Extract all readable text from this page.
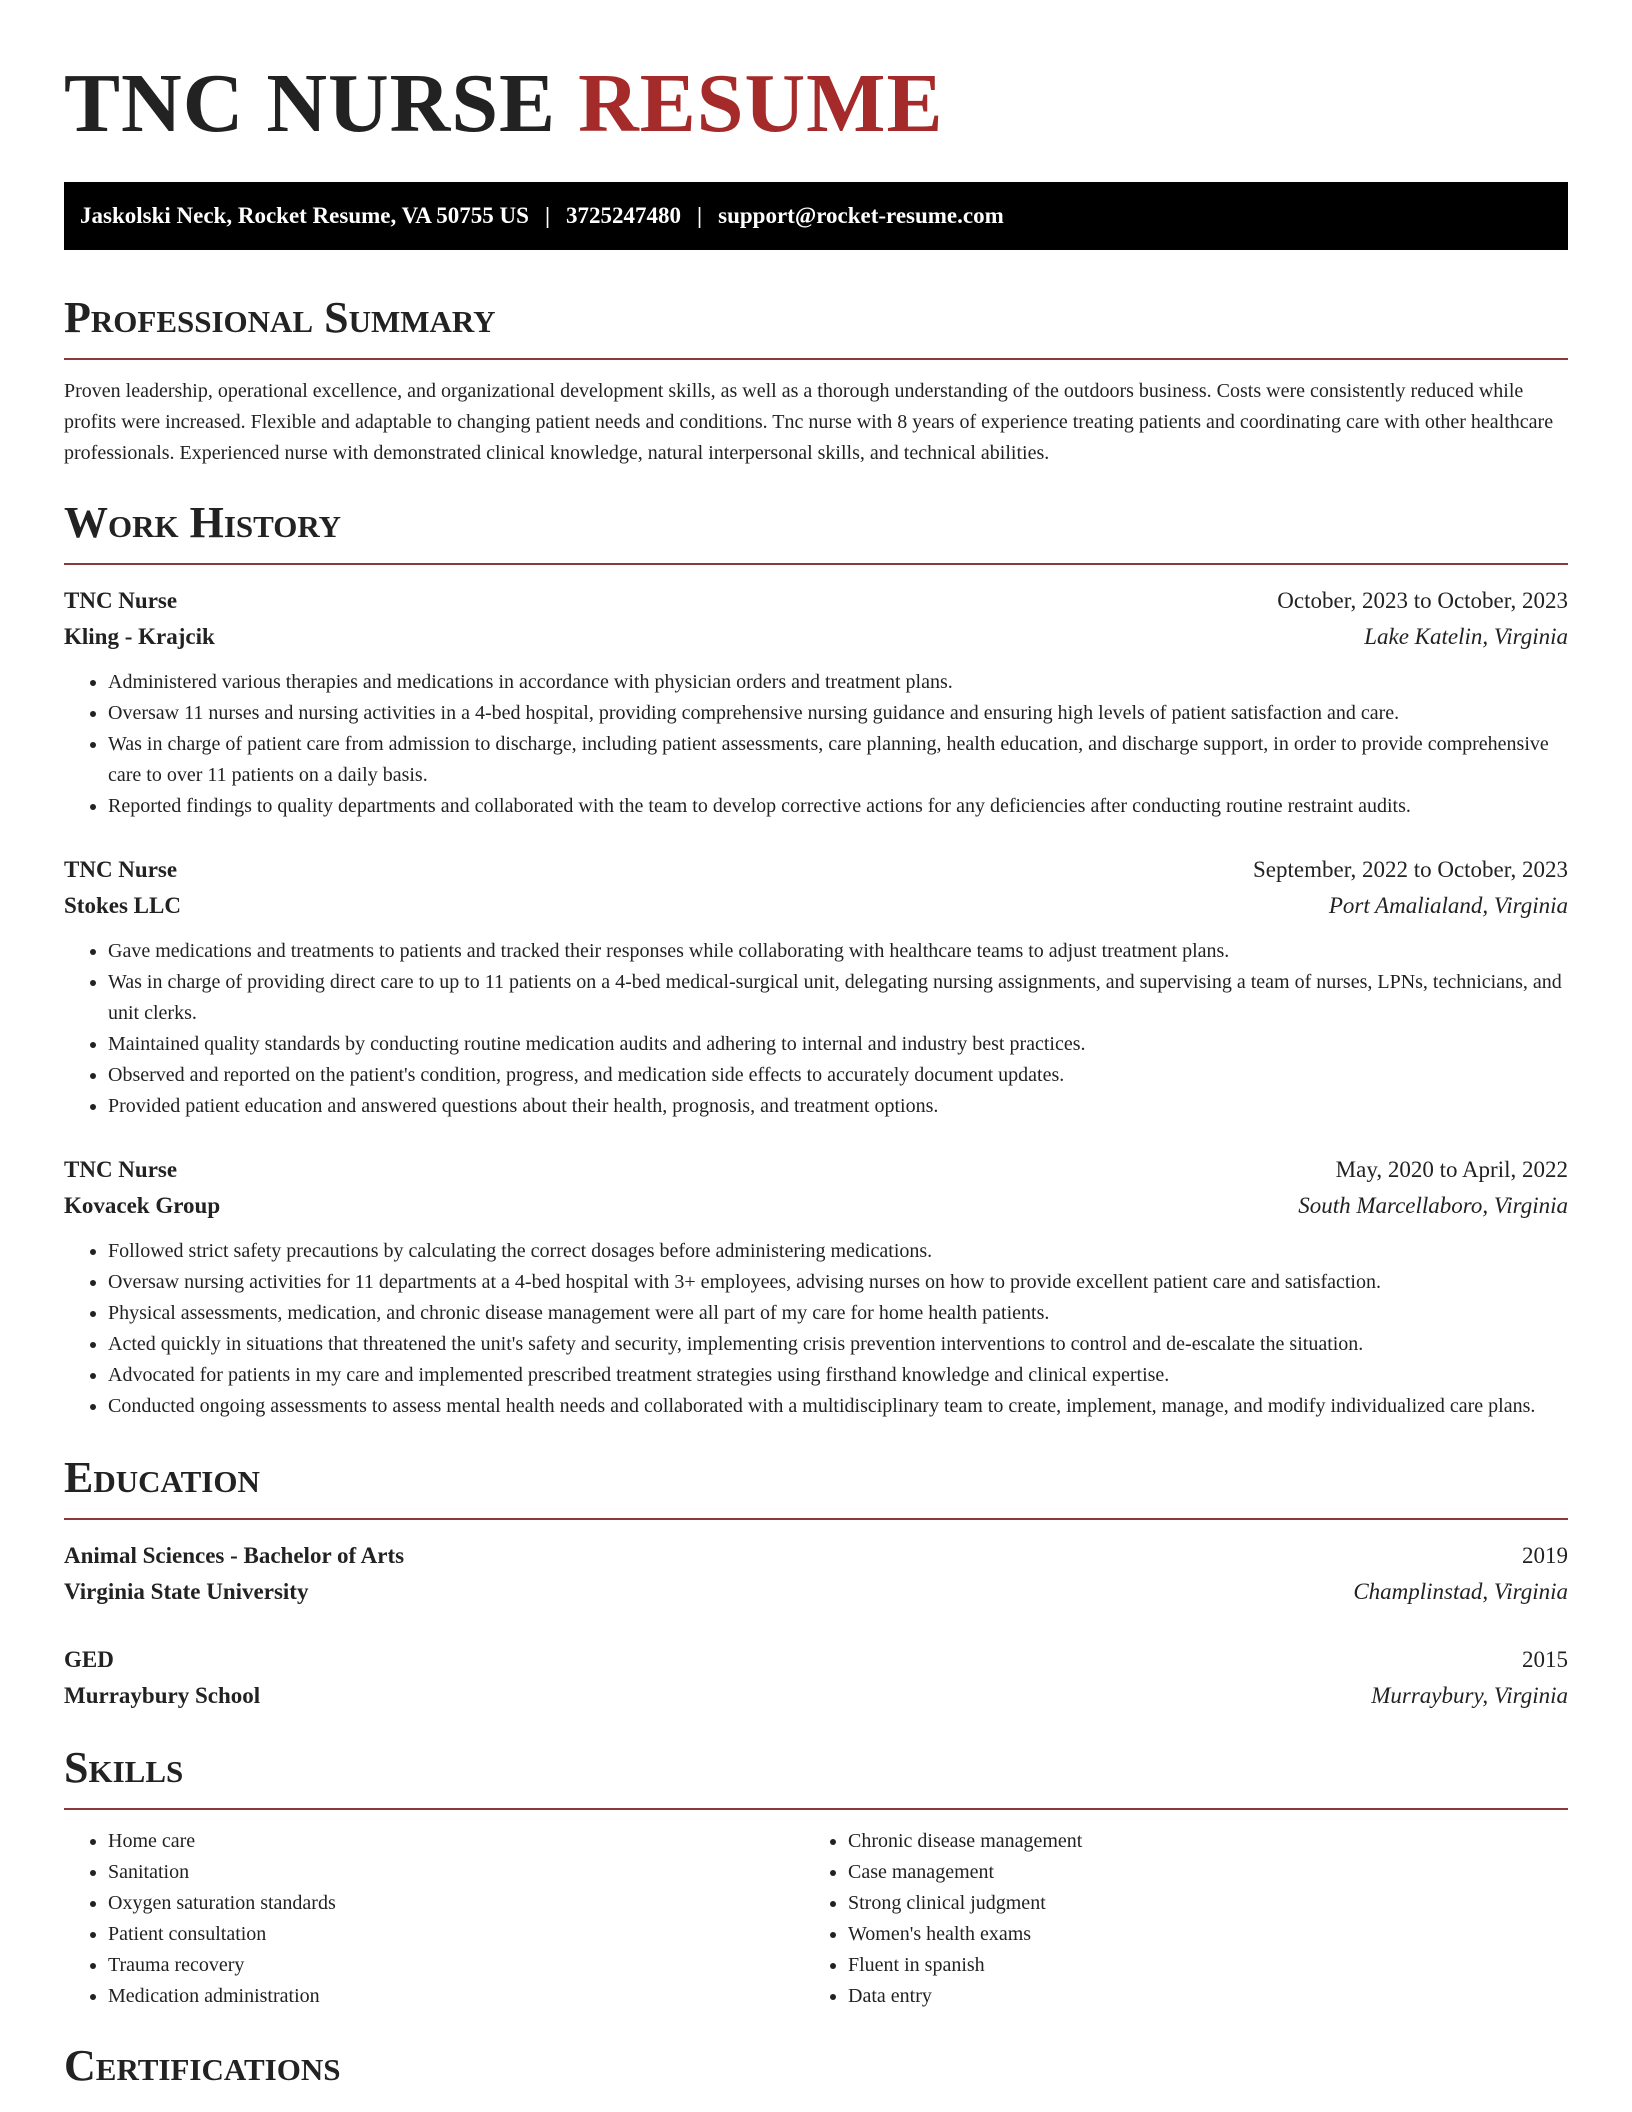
TNC NURSE RESUME
Jaskolski Neck, Rocket Resume, VA 50755 US | 3725247480 | support@rocket-resume.com
Professional Summary

Proven leadership, operational excellence, and organizational development skills, as well as a thorough understanding of the outdoors business. Costs were consistently reduced while profits were increased. Flexible and adaptable to changing patient needs and conditions. Tnc nurse with 8 years of experience treating patients and coordinating care with other healthcare professionals. Experienced nurse with demonstrated clinical knowledge, natural interpersonal skills, and technical abilities.

Work History
TNC Nurse	October, 2023 to October, 2023
Kling - Krajcik	Lake Katelin, Virginia
• Administered various therapies and medications in accordance with physician orders and treatment plans.
• Oversaw 11 nurses and nursing activities in a 4-bed hospital, providing comprehensive nursing guidance and ensuring high levels of patient satisfaction and care.
• Was in charge of patient care from admission to discharge, including patient assessments, care planning, health education, and discharge support, in order to provide comprehensive care to over 11 patients on a daily basis.
• Reported findings to quality departments and collaborated with the team to develop corrective actions for any deficiencies after conducting routine restraint audits.
TNC Nurse	September, 2022 to October, 2023
Stokes LLC	Port Amalialand, Virginia
• Gave medications and treatments to patients and tracked their responses while collaborating with healthcare teams to adjust treatment plans.
• Was in charge of providing direct care to up to 11 patients on a 4-bed medical-surgical unit, delegating nursing assignments, and supervising a team of nurses, LPNs, technicians, and unit clerks.
• Maintained quality standards by conducting routine medication audits and adhering to internal and industry best practices.
• Observed and reported on the patient's condition, progress, and medication side effects to accurately document updates.
• Provided patient education and answered questions about their health, prognosis, and treatment options.
TNC Nurse	May, 2020 to April, 2022
Kovacek Group	South Marcellaboro, Virginia
• Followed strict safety precautions by calculating the correct dosages before administering medications.
• Oversaw nursing activities for 11 departments at a 4-bed hospital with 3+ employees, advising nurses on how to provide excellent patient care and satisfaction.
• Physical assessments, medication, and chronic disease management were all part of my care for home health patients.
• Acted quickly in situations that threatened the unit's safety and security, implementing crisis prevention interventions to control and de-escalate the situation.
• Advocated for patients in my care and implemented prescribed treatment strategies using firsthand knowledge and clinical expertise.
• Conducted ongoing assessments to assess mental health needs and collaborated with a multidisciplinary team to create, implement, manage, and modify individualized care plans.
Education
Animal Sciences - Bachelor of Arts	2019
Virginia State University	Champlinstad, Virginia
GED	2015
Murraybury School	Murraybury, Virginia
Skills
• Home care
• Sanitation
• Oxygen saturation standards
• Patient consultation
• Trauma recovery
• Medication administration
• Chronic disease management
• Case management
• Strong clinical judgment
• Women's health exams
• Fluent in spanish
• Data entry
Certifications
